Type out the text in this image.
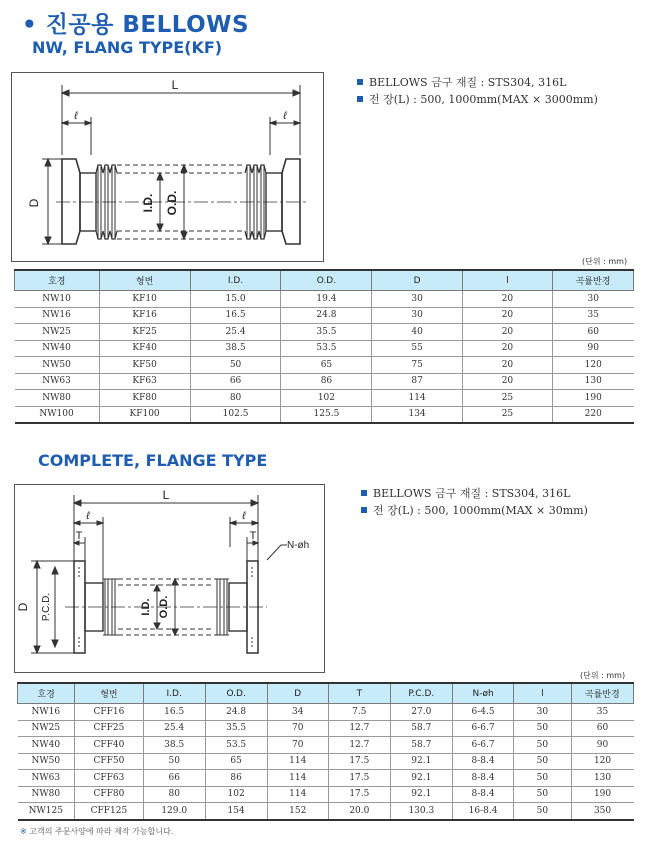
• 진공용 BELLOWS
NW, FLANG TYPE(KF)
L
ℓ	ℓ
D	I.D. O.D.
BELLOWS 금구 재질 : STS304, 316L
전 장(L) : 500, 1000mm(MAX × 3000mm)
(단위 : mm)
호경	형번	I.D.	O.D.	D	l	곡률반경
NW10	KF10	15.0	19.4	30	20	30
NW16	KF16	16.5	24.8	30	20	35
NW25	KF25	25.4	35.5	40	20	60
NW40	KF40	38.5	53.5	55	20	90
NW50	KF50	50	65	75	20	120
NW63	KF63	66	86	87	20	130
NW80	KF80	80	102	114	25	190
NW100	KF100	102.5	125.5	134	25	220
COMPLETE, FLANGE TYPE
L
ℓ	ℓ
T	T
N-øh
D P.C.D.	I.D. O.D.
BELLOWS 금구 재질 : STS304, 316L
전 장(L) : 500, 1000mm(MAX × 30mm)
(단위 : mm)
호경	형번	I.D.	O.D.	D	T	P.C.D.	N-øh	l	곡률반경
NW16	CFF16	16.5	24.8	34	7.5	27.0	6-4.5	30	35
NW25	CFF25	25.4	35.5	70	12.7	58.7	6-6.7	50	60
NW40	CFF40	38.5	53.5	70	12.7	58.7	6-6.7	50	90
NW50	CFF50	50	65	114	17.5	92.1	8-8.4	50	120
NW63	CFF63	66	86	114	17.5	92.1	8-8.4	50	130
NW80	CFF80	80	102	114	17.5	92.1	8-8.4	50	190
NW125	CFF125	129.0	154	152	20.0	130.3	16-8.4	50	350
※ 고객의 주문사양에 따라 제작 가능합니다.
